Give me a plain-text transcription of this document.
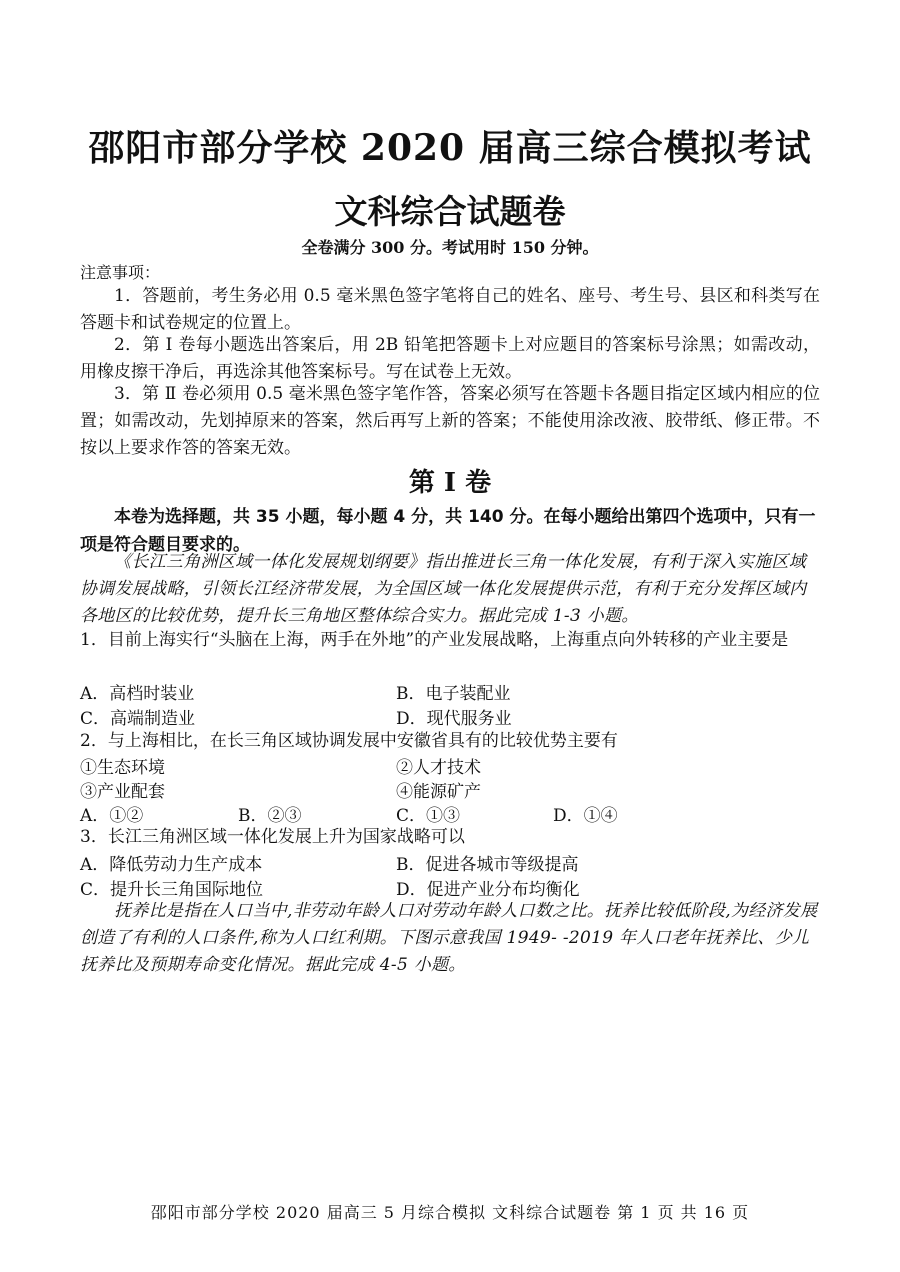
邵阳市部分学校 2020 届高三综合模拟考试
文科综合试题卷
全卷满分 300 分。考试用时 150 分钟。
注意事项：
1．答题前，考生务必用 0.5 毫米黑色签字笔将自己的姓名、座号、考生号、县区和科类写在答题卡和试卷规定的位置上。
2．第 Ⅰ 卷每小题选出答案后，用 2B 铅笔把答题卡上对应题目的答案标号涂黑；如需改动，用橡皮擦干净后，再选涂其他答案标号。写在试卷上无效。
3．第 Ⅱ 卷必须用 0.5 毫米黑色签字笔作答，答案必须写在答题卡各题目指定区域内相应的位置；如需改动，先划掉原来的答案，然后再写上新的答案；不能使用涂改液、胶带纸、修正带。不按以上要求作答的答案无效。
第 Ⅰ 卷
本卷为选择题，共 35 小题，每小题 4 分，共 140 分。在每小题给出第四个选项中，只有一项是符合题目要求的。
《长江三角洲区域一体化发展规划纲要》指出推进长三角一体化发展，有利于深入实施区域协调发展战略，引领长江经济带发展，为全国区域一体化发展提供示范，有利于充分发挥区域内各地区的比较优势，提升长三角地区整体综合实力。据此完成 1-3 小题。
1．目前上海实行“头脑在上海，两手在外地”的产业发展战略，上海重点向外转移的产业主要是
A．高档时装业	B．电子装配业
C．高端制造业	D．现代服务业
2．与上海相比，在长三角区域协调发展中安徽省具有的比较优势主要有
①生态环境	②人才技术
③产业配套	④能源矿产
A．①②	B．②③	C．①③	D．①④
3．长江三角洲区域一体化发展上升为国家战略可以
A．降低劳动力生产成本	B．促进各城市等级提高
C．提升长三角国际地位	D．促进产业分布均衡化
抚养比是指在人口当中,非劳动年龄人口对劳动年龄人口数之比。抚养比较低阶段,为经济发展创造了有利的人口条件,称为人口红利期。下图示意我国 1949- -2019 年人口老年抚养比、少儿抚养比及预期寿命变化情况。据此完成 4-5 小题。
邵阳市部分学校 2020 届高三 5 月综合模拟 文科综合试题卷 第 1 页 共 16 页
